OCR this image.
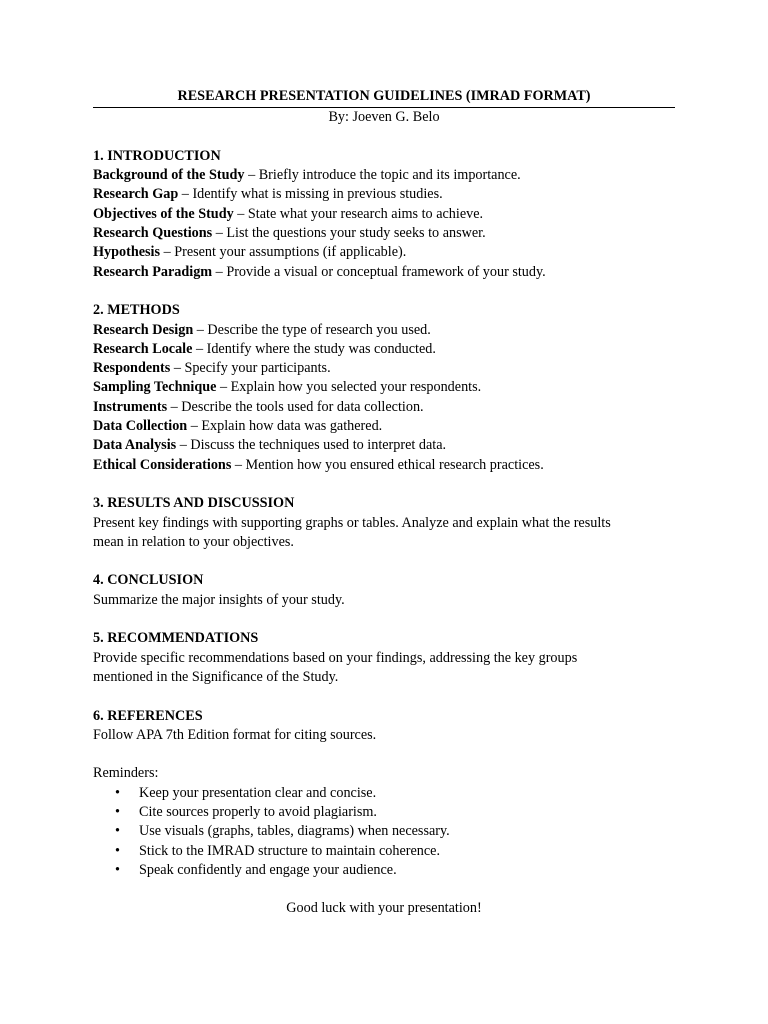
RESEARCH PRESENTATION GUIDELINES (IMRAD FORMAT)

By: Joeven G. Belo

1. INTRODUCTION

Background of the Study – Briefly introduce the topic and its importance.

Research Gap – Identify what is missing in previous studies.

Objectives of the Study – State what your research aims to achieve.

Research Questions – List the questions your study seeks to answer.

Hypothesis – Present your assumptions (if applicable).

Research Paradigm – Provide a visual or conceptual framework of your study.

2. METHODS

Research Design – Describe the type of research you used.

Research Locale – Identify where the study was conducted.

Respondents – Specify your participants.

Sampling Technique – Explain how you selected your respondents.

Instruments – Describe the tools used for data collection.

Data Collection – Explain how data was gathered.

Data Analysis – Discuss the techniques used to interpret data.

Ethical Considerations – Mention how you ensured ethical research practices.

3. RESULTS AND DISCUSSION

Present key findings with supporting graphs or tables. Analyze and explain what the results

mean in relation to your objectives.

4. CONCLUSION

Summarize the major insights of your study.

5. RECOMMENDATIONS

Provide specific recommendations based on your findings, addressing the key groups

mentioned in the Significance of the Study.

6. REFERENCES

Follow APA 7th Edition format for citing sources.

Reminders:

• Keep your presentation clear and concise.
• Cite sources properly to avoid plagiarism.
• Use visuals (graphs, tables, diagrams) when necessary.
• Stick to the IMRAD structure to maintain coherence.
• Speak confidently and engage your audience.

Good luck with your presentation!
